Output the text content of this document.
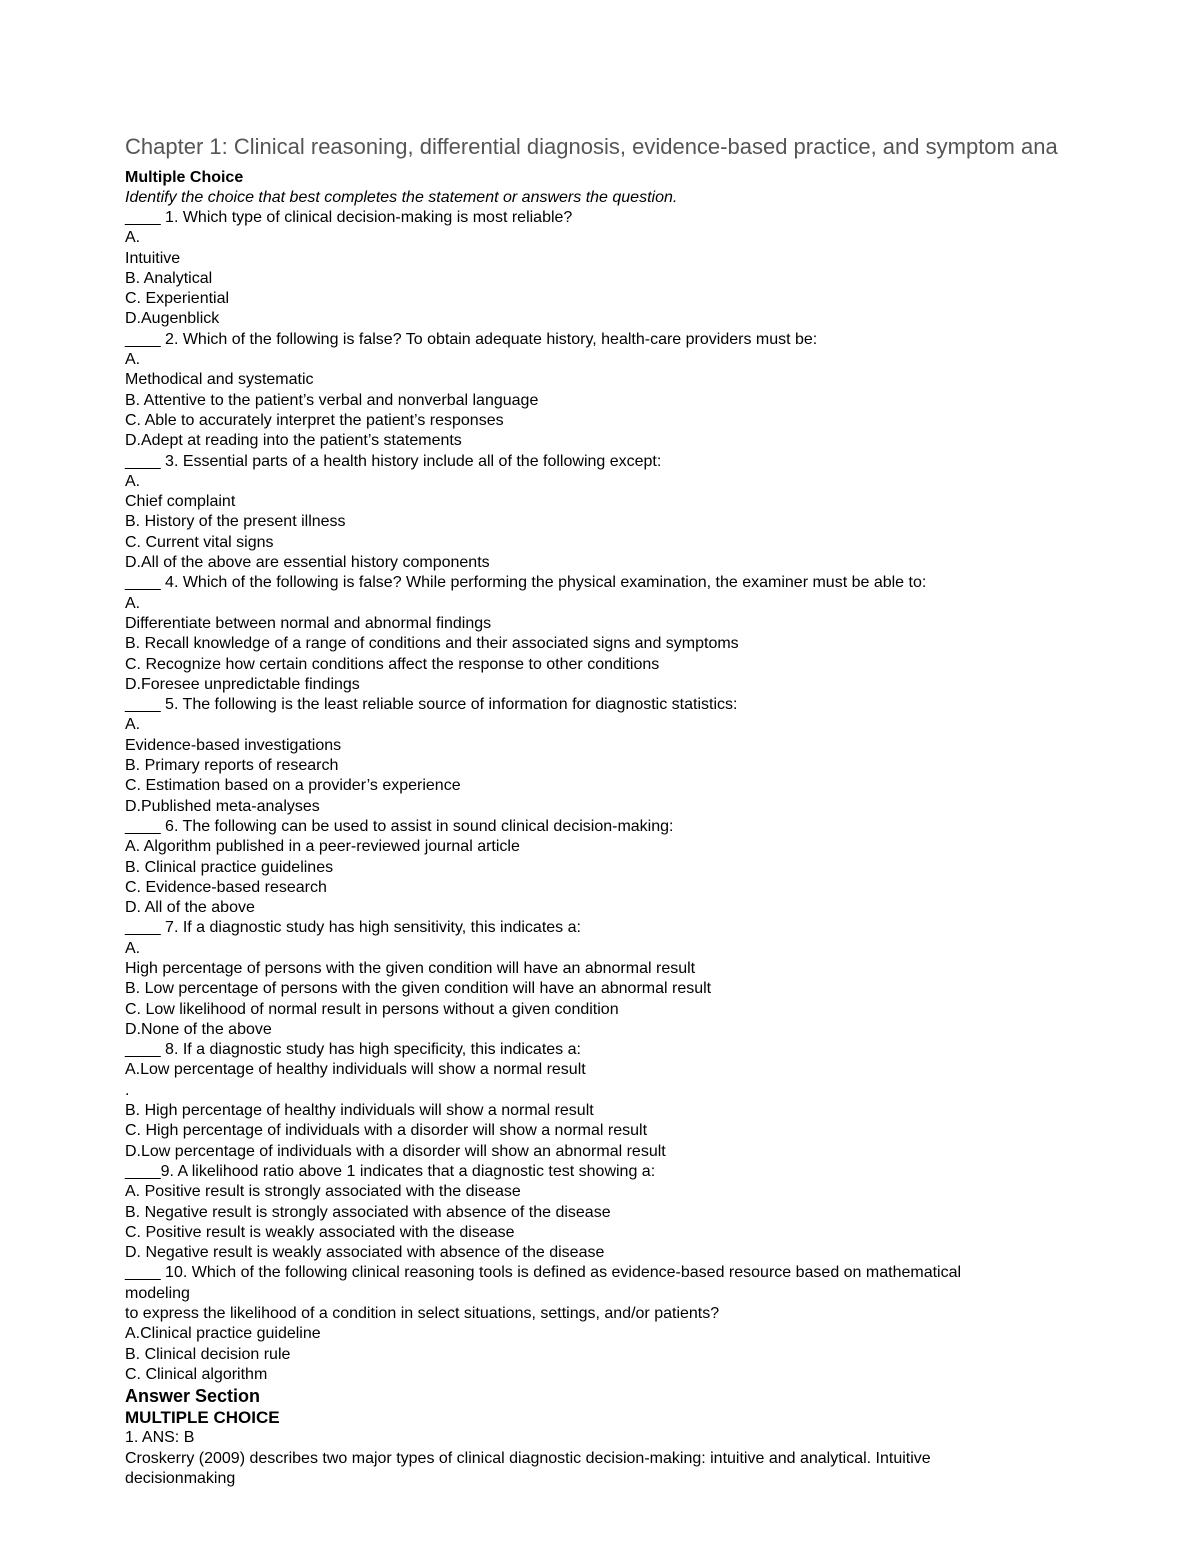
Chapter 1: Clinical reasoning, differential diagnosis, evidence-based practice, and symptom ana
Multiple Choice
Identify the choice that best completes the statement or answers the question.
____ 1. Which type of clinical decision-making is most reliable?
A.
Intuitive
B. Analytical
C. Experiential
D.Augenblick
____ 2. Which of the following is false? To obtain adequate history, health-care providers must be:
A.
Methodical and systematic
B. Attentive to the patient’s verbal and nonverbal language
C. Able to accurately interpret the patient’s responses
D.Adept at reading into the patient’s statements
____ 3. Essential parts of a health history include all of the following except:
A.
Chief complaint
B. History of the present illness
C. Current vital signs
D.All of the above are essential history components
____ 4. Which of the following is false? While performing the physical examination, the examiner must be able to:
A.
Differentiate between normal and abnormal findings
B. Recall knowledge of a range of conditions and their associated signs and symptoms
C. Recognize how certain conditions affect the response to other conditions
D.Foresee unpredictable findings
____ 5. The following is the least reliable source of information for diagnostic statistics:
A.
Evidence-based investigations
B. Primary reports of research
C. Estimation based on a provider’s experience
D.Published meta-analyses
____ 6. The following can be used to assist in sound clinical decision-making:
A. Algorithm published in a peer-reviewed journal article
B. Clinical practice guidelines
C. Evidence-based research
D. All of the above
____ 7. If a diagnostic study has high sensitivity, this indicates a:
A.
High percentage of persons with the given condition will have an abnormal result
B. Low percentage of persons with the given condition will have an abnormal result
C. Low likelihood of normal result in persons without a given condition
D.None of the above
____ 8. If a diagnostic study has high specificity, this indicates a:
A.Low percentage of healthy individuals will show a normal result
.
B. High percentage of healthy individuals will show a normal result
C. High percentage of individuals with a disorder will show a normal result
D.Low percentage of individuals with a disorder will show an abnormal result
____9. A likelihood ratio above 1 indicates that a diagnostic test showing a:
A. Positive result is strongly associated with the disease
B. Negative result is strongly associated with absence of the disease
C. Positive result is weakly associated with the disease
D. Negative result is weakly associated with absence of the disease
____ 10. Which of the following clinical reasoning tools is defined as evidence-based resource based on mathematical
modeling
to express the likelihood of a condition in select situations, settings, and/or patients?
A.Clinical practice guideline
B. Clinical decision rule
C. Clinical algorithm
Answer Section
MULTIPLE CHOICE
1. ANS: B
Croskerry (2009) describes two major types of clinical diagnostic decision-making: intuitive and analytical. Intuitive
decisionmaking
